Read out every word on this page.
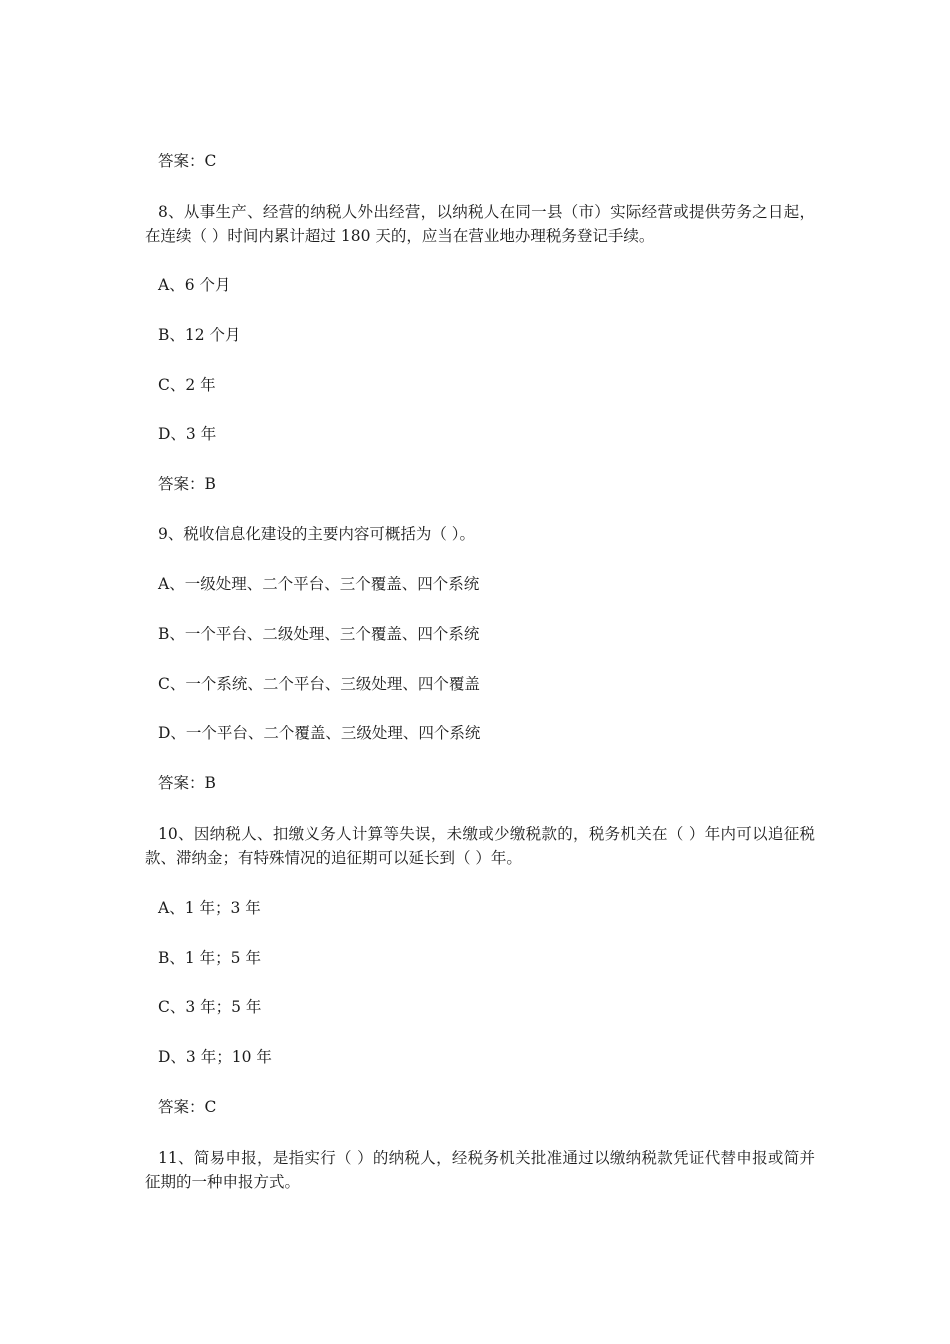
答案：C
8、从事生产、经营的纳税人外出经营，以纳税人在同一县（市）实际经营或提供劳务之日起，在连续（ ）时间内累计超过 180 天的，应当在营业地办理税务登记手续。
A、6 个月
B、12 个月
C、2 年
D、3 年
答案：B
9、税收信息化建设的主要内容可概括为（ ）。
A、一级处理、二个平台、三个覆盖、四个系统
B、一个平台、二级处理、三个覆盖、四个系统
C、一个系统、二个平台、三级处理、四个覆盖
D、一个平台、二个覆盖、三级处理、四个系统
答案：B
10、因纳税人、扣缴义务人计算等失误，未缴或少缴税款的，税务机关在（ ）年内可以追征税款、滞纳金；有特殊情况的追征期可以延长到（ ）年。
A、1 年；3 年
B、1 年；5 年
C、3 年；5 年
D、3 年；10 年
答案：C
11、简易申报，是指实行（ ）的纳税人，经税务机关批准通过以缴纳税款凭证代替申报或简并征期的一种申报方式。
